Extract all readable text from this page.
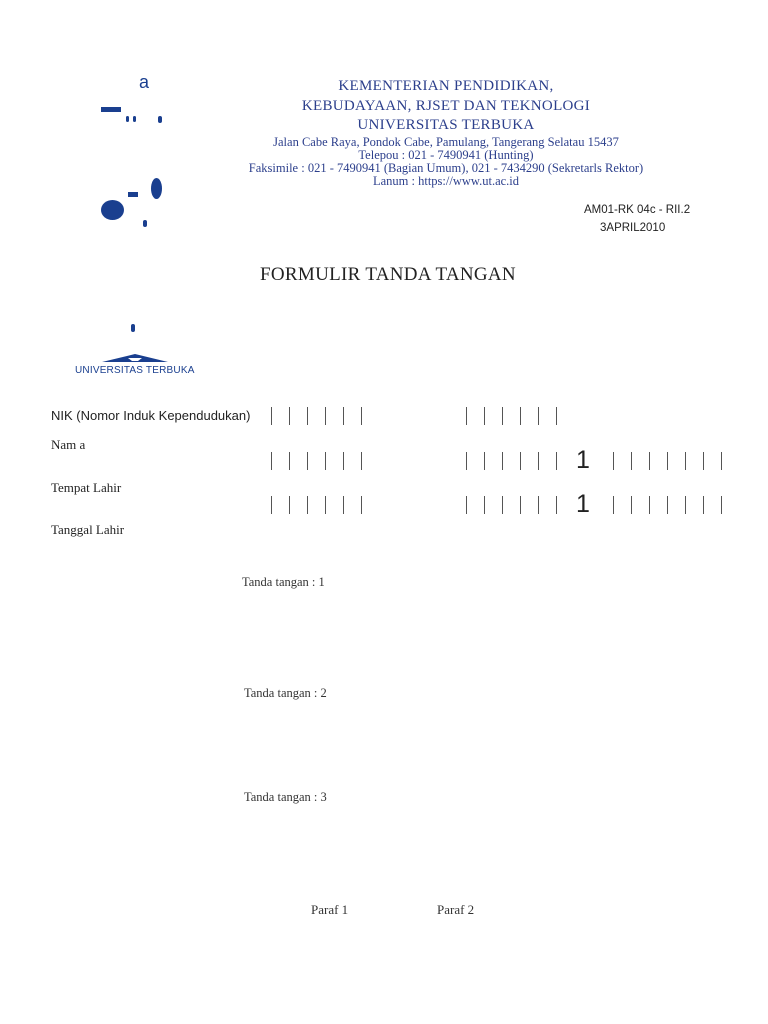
a	KEMENTERIAN PENDIDIKAN,
KEBUDAYAAN, RJSET DAN TEKNOLOGI
UNIVERSITAS TERBUKA
Jalan Cabe Raya, Pondok Cabe, Pamulang, Tangerang Selatau 15437
Telepou : 021 - 7490941 (Hunting)
Faksimile : 021 - 7490941 (Bagian Umum), 021 - 7434290 (Sekretarls Rektor)
Lanum : https://www.ut.ac.id
AM01-RK 04c - RII.2
3APRIL2010
FORMULIR TANDA TANGAN
UNIVERSITAS TERBUKA
NIK (Nomor Induk Kependudukan)
Nam a
Tempat Lahir
Tanggal Lahir
1
1
Tanda tangan : 1
Tanda tangan : 2
Tanda tangan : 3
Paraf 1	Paraf 2
